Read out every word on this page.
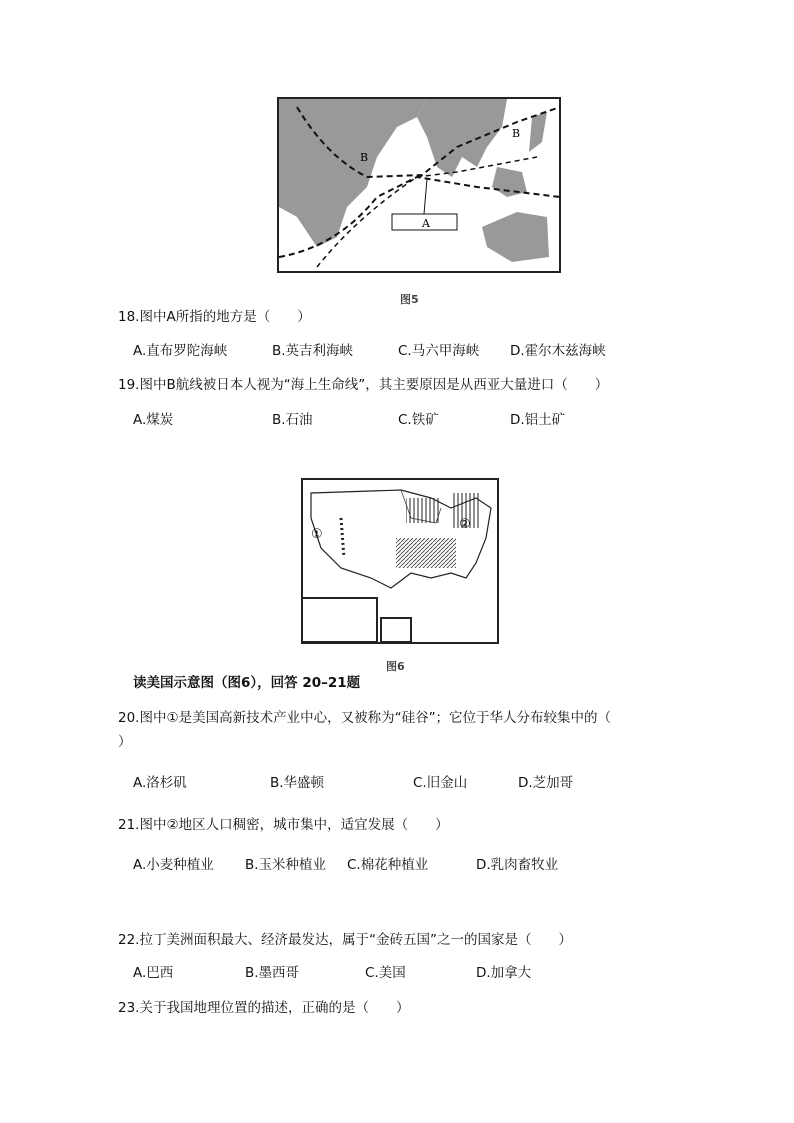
A
B
B
图5
18.图中A所指的地方是（　　）
A.直布罗陀海峡	B.英吉利海峡	C.马六甲海峡 D.霍尔木兹海峡
19.图中B航线被日本人视为“海上生命线”，其主要原因是从西亚大量进口（　　）
A.煤炭	B.石油	C.铁矿	D.铝土矿
①
②
图6
读美国示意图（图6），回答 20–21题
20.图中①是美国高新技术产业中心，又被称为“硅谷”；它位于华人分布较集中的（
）
A.洛杉矶	B.华盛顿	C.旧金山	D.芝加哥
21.图中②地区人口稠密，城市集中，适宜发展（　　）
A.小麦种植业 B.玉米种植业 C.棉花种植业	D.乳肉畜牧业
22.拉丁美洲面积最大、经济最发达，属于“金砖五国”之一的国家是（　　）
A.巴西	B.墨西哥	C.美国	D.加拿大
23.关于我国地理位置的描述，正确的是（　　）
